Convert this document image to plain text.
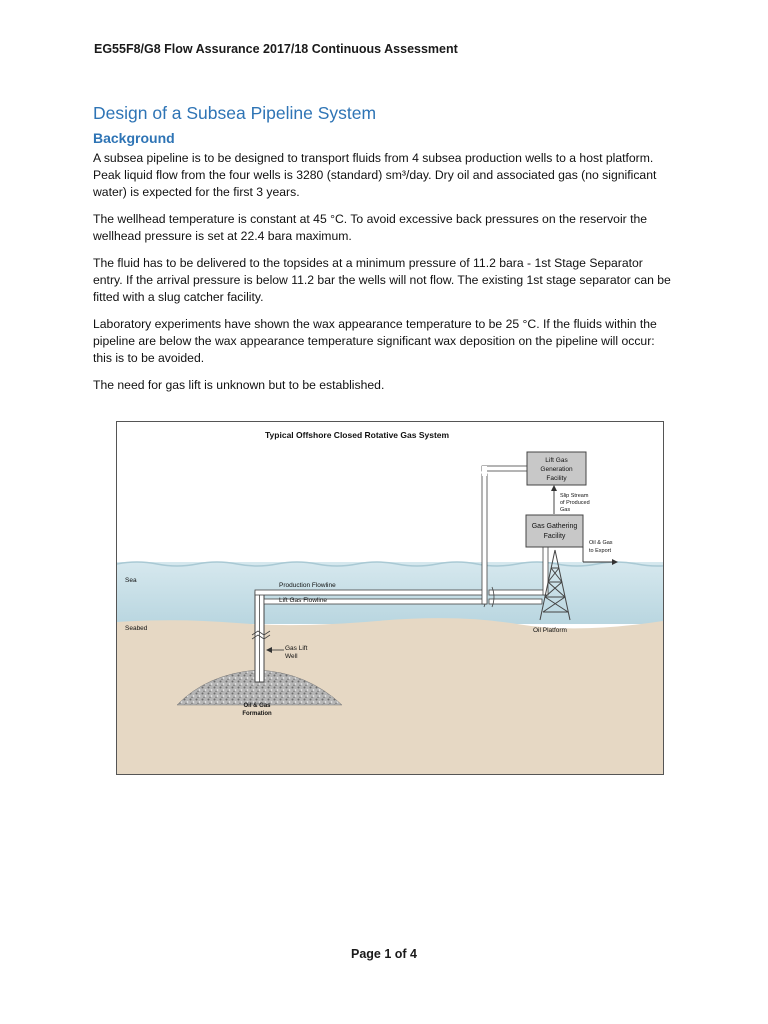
EG55F8/G8 Flow Assurance 2017/18 Continuous Assessment
Design of a Subsea Pipeline System
Background

A subsea pipeline is to be designed to transport fluids from 4 subsea production wells to a host platform. Peak liquid flow from the four wells is 3280 (standard) sm³/day. Dry oil and associated gas (no significant water) is expected for the first 3 years.

The wellhead temperature is constant at 45 °C. To avoid excessive back pressures on the reservoir the wellhead pressure is set at 22.4 bara maximum.

The fluid has to be delivered to the topsides at a minimum pressure of 11.2 bara - 1st Stage Separator entry. If the arrival pressure is below 11.2 bar the wells will not flow. The existing 1st stage separator can be fitted with a slug catcher facility.

Laboratory experiments have shown the wax appearance temperature to be 25 °C. If the fluids within the pipeline are below the wax appearance temperature significant wax deposition on the pipeline will occur: this is to be avoided.

The need for gas lift is unknown but to be established.

Typical Offshore Closed Rotative Gas System
Gas Gathering
Facility
Lift Gas
Generation
Facility
Slip Stream
of Produced
Gas
Oil & Gas
to Export
Sea
Seabed
Production Flowline
Lift Gas Flowline
Gas Lift
Well
Oil & Gas
Formation
Oil Platform
Page 1 of 4
